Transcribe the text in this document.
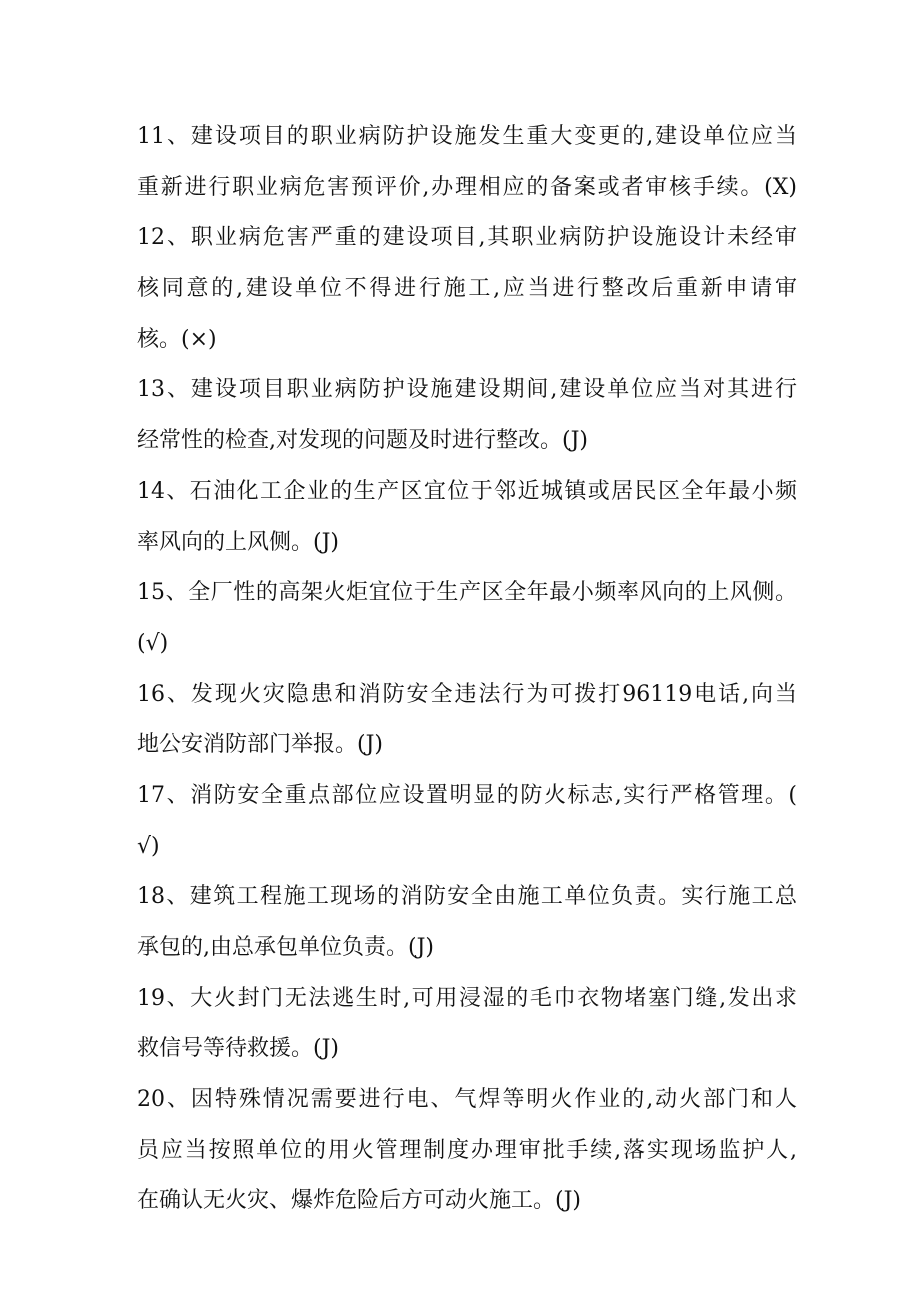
11、建设项目的职业病防护设施发生重大变更的,建设单位应当
重新进行职业病危害预评价,办理相应的备案或者审核手续。(X)
12、职业病危害严重的建设项目,其职业病防护设施设计未经审
核同意的,建设单位不得进行施工,应当进行整改后重新申请审
核。(×)
13、建设项目职业病防护设施建设期间,建设单位应当对其进行
经常性的检查,对发现的问题及时进行整改。(J)
14、石油化工企业的生产区宜位于邻近城镇或居民区全年最小频
率风向的上风侧。(J)
15、全厂性的高架火炬宜位于生产区全年最小频率风向的上风侧。
(√)
16、发现火灾隐患和消防安全违法行为可拨打96119电话,向当
地公安消防部门举报。(J)
17、消防安全重点部位应设置明显的防火标志,实行严格管理。(
√)
18、建筑工程施工现场的消防安全由施工单位负责。实行施工总
承包的,由总承包单位负责。(J)
19、大火封门无法逃生时,可用浸湿的毛巾衣物堵塞门缝,发出求
救信号等待救援。(J)
20、因特殊情况需要进行电、气焊等明火作业的,动火部门和人
员应当按照单位的用火管理制度办理审批手续,落实现场监护人,
在确认无火灾、爆炸危险后方可动火施工。(J)
